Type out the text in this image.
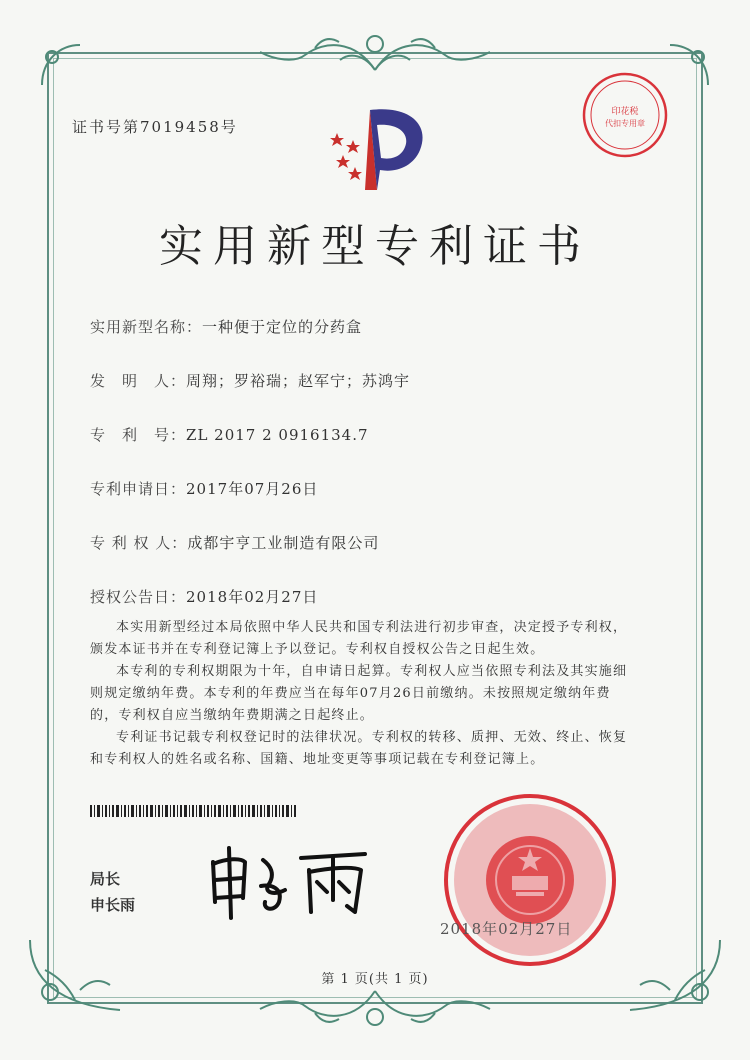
证书号第7019458号
印花税
代扣专用章
实用新型专利证书
实用新型名称：一种便于定位的分药盒
发　明　人：周翔；罗裕瑞；赵军宁；苏鸿宇
专　利　号：ZL 2017 2 0916134.7
专利申请日：2017年07月26日
专 利 权 人：成都宇亨工业制造有限公司
授权公告日：2018年02月27日

本实用新型经过本局依照中华人民共和国专利法进行初步审查，决定授予专利权，颁发本证书并在专利登记簿上予以登记。专利权自授权公告之日起生效。

本专利的专利权期限为十年，自申请日起算。专利权人应当依照专利法及其实施细则规定缴纳年费。本专利的年费应当在每年07月26日前缴纳。未按照规定缴纳年费的，专利权自应当缴纳年费期满之日起终止。

专利证书记载专利权登记时的法律状况。专利权的转移、质押、无效、终止、恢复和专利权人的姓名或名称、国籍、地址变更等事项记载在专利登记簿上。

局长
申长雨
2018年02月27日
第 1 页(共 1 页)
